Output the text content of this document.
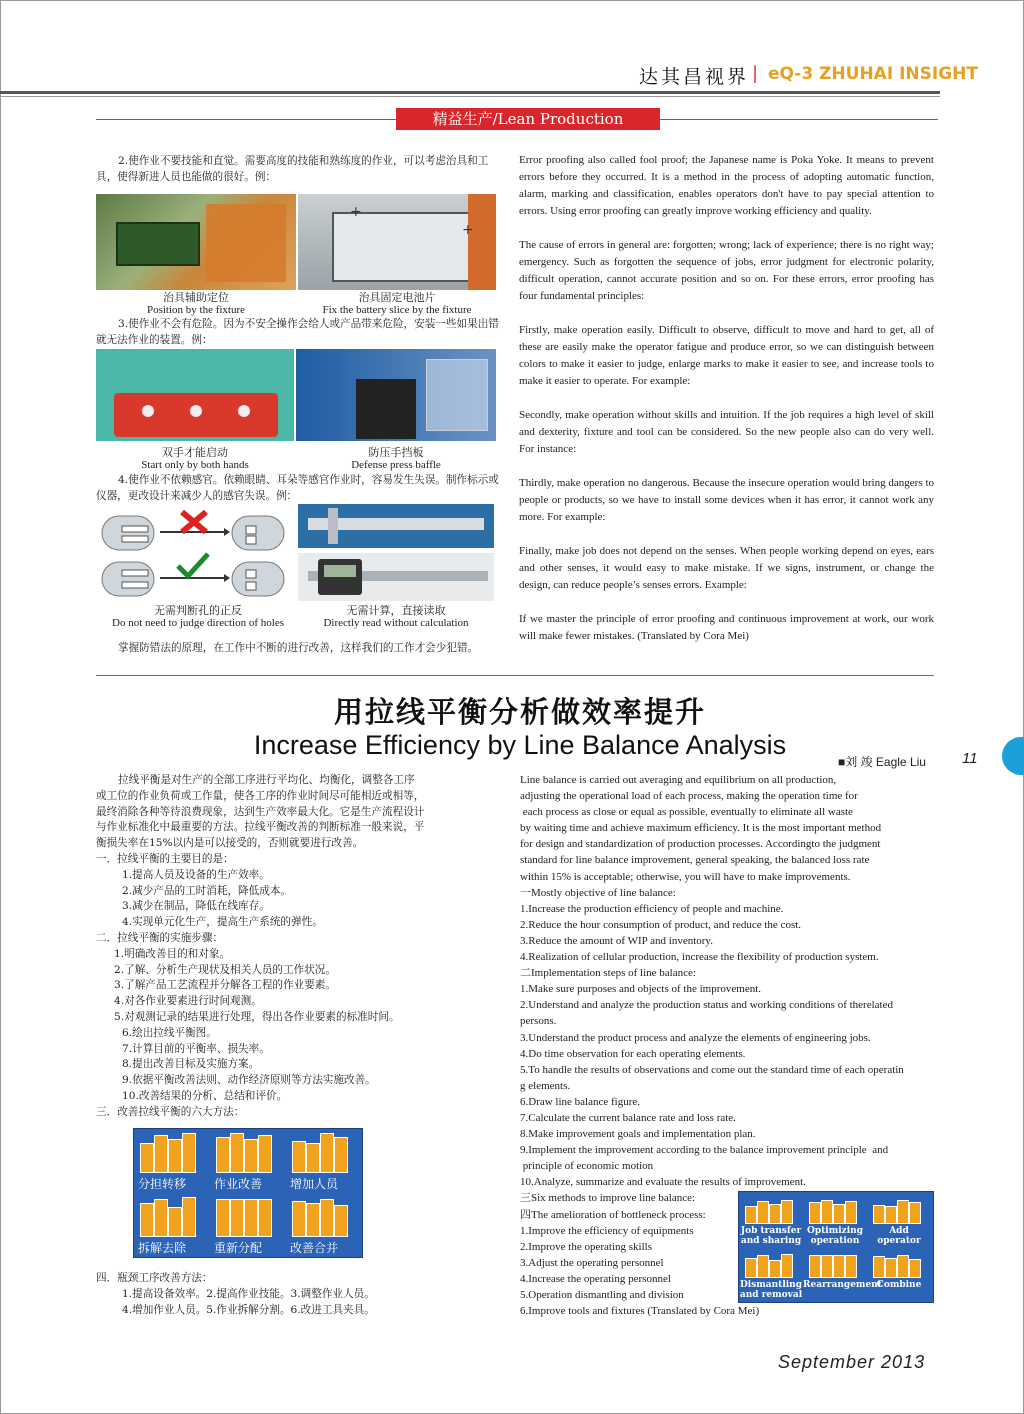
达其昌视界 | eQ-3 ZHUHAI INSIGHT
精益生产/Lean Production
2.使作业不要技能和直觉。需要高度的技能和熟练度的作业，可以考虑治具和工具，使得新进人员也能做的很好。例：
+
+
治具辅助定位
Position by the fixture
治具固定电池片
Fix the battery slice by the fixture
3.使作业不会有危险。因为不安全操作会给人或产品带来危险，安装一些如果出错就无法作业的装置。例：
双手才能启动
Start only by both hands
防压手挡板
Defense press baffle
4.使作业不依赖感官。依赖眼睛、耳朵等感官作业时，容易发生失误。制作标示或仪器，更改设计来减少人的感官失误。例：
无需判断孔的正反
Do not need to judge direction of holes
无需计算，直接读取
Directly read without calculation
掌握防错法的原理，在工作中不断的进行改善，这样我们的工作才会少犯错。

Error proofing also called fool proof; the Japanese name is Poka Yoke. It means to prevent errors before they occurred. It is a method in the process of adopting automatic function, alarm, marking and classification, enables operators don't have to pay special attention to errors. Using error proofing can greatly improve working efficiency and quality.

The cause of errors in general are: forgotten; wrong; lack of experience; there is no right way; emergency. Such as forgotten the sequence of jobs, error judgment for electronic polarity, difficult operation, cannot accurate position and so on. For these errors, error proofing has four fundamental principles:

Firstly, make operation easily. Difficult to observe, difficult to move and hard to get, all of these are easily make the operator fatigue and produce error, so we can distinguish between colors to make it easier to judge, enlarge marks to make it easier to see, and increase tools to make it easier to operate. For example:

Secondly, make operation without skills and intuition. If the job requires a high level of skill and dexterity, fixture and tool can be considered. So the new people also can do very well. For instance:

Thirdly, make operation no dangerous. Because the insecure operation would bring dangers to people or products, so we have to install some devices when it has error, it cannot work any more. For example:

Finally, make job does not depend on the senses. When people working depend on eyes, ears and other senses, it would easy to make mistake. If we signs, instrument, or change the design, can reduce people’s senses errors. Example:

If we master the principle of error proofing and continuous improvement at work, our work will make fewer mistakes. (Translated by Cora Mei)

用拉线平衡分析做效率提升
Increase Efficiency by Line Balance Analysis
■刘 竣 Eagle Liu 11
拉线平衡是对生产的全部工序进行平均化、均衡化，调整各工序
或工位的作业负荷或工作量，使各工序的作业时间尽可能相近或相等，
最终消除各种等待浪费现象，达到生产效率最大化。它是生产流程设计
与作业标准化中最重要的方法。拉线平衡改善的判断标准一般来说，平
衡损失率在15%以内是可以接受的，否则就要进行改善。
一．拉线平衡的主要目的是：
1.提高人员及设备的生产效率。
2.减少产品的工时消耗，降低成本。
3.减少在制品，降低在线库存。
4.实现单元化生产，提高生产系统的弹性。
二．拉线平衡的实施步骤：
1.明确改善目的和对象。
2.了解、分析生产现状及相关人员的工作状况。
3.了解产品工艺流程并分解各工程的作业要素。
4.对各作业要素进行时间观测。
5.对观测记录的结果进行处理，得出各作业要素的标准时间。
6.绘出拉线平衡图。
7.计算目前的平衡率、损失率。
8.提出改善目标及实施方案。
9.依据平衡改善法则、动作经济原则等方法实施改善。
10.改善结果的分析、总结和评价。
三．改善拉线平衡的六大方法：
分担转移 作业改善 增加人员
拆解去除 重新分配 改善合并
四．瓶颈工序改善方法：
1.提高设备效率。2.提高作业技能。3.调整作业人员。
4.增加作业人员。5.作业拆解分割。6.改进工具夹具。
Line balance is carried out averaging and equilibrium on all production,
adjusting the operational load of each process, making the operation time for
each process as close or equal as possible, eventually to eliminate all waste
by waiting time and achieve maximum efficiency. It is the most important method
for design and standardization of production processes. Accordingto the judgment
standard for line balance improvement, general speaking, the balanced loss rate
within 15% is acceptable; otherwise, you will have to make improvements.
一Mostly objective of line balance:
1.Increase the production efficiency of people and machine.
2.Reduce the hour consumption of product, and reduce the cost.
3.Reduce the amount of WIP and inventory.
4.Realization of cellular production, increase the flexibility of production system.
二Implementation steps of line balance:
1.Make sure purposes and objects of the improvement.
2.Understand and analyze the production status and working conditions of therelated
persons.
3.Understand the product process and analyze the elements of engineering jobs.
4.Do time observation for each operating elements.
5.To handle the results of observations and come out the standard time of each operatin
g elements.
6.Draw line balance figure.
7.Calculate the current balance rate and loss rate.
8.Make improvement goals and implementation plan.
9.Implement the improvement according to the balance improvement principle  and
principle of economic motion
10.Analyze, summarize and evaluate the results of improvement.
三Six methods to improve line balance:
四The amelioration of bottleneck process:
1.Improve the efficiency of equipments
2.Improve the operating skills
3.Adjust the operating personnel
4.Increase the operating personnel
5.Operation dismantling and division
6.Improve tools and fixtures (Translated by Cora Mei)
Job transfer and sharing
Optimizing operation
Add operator
Dismantling and removal
Rearrangement
Combine
September 2013
